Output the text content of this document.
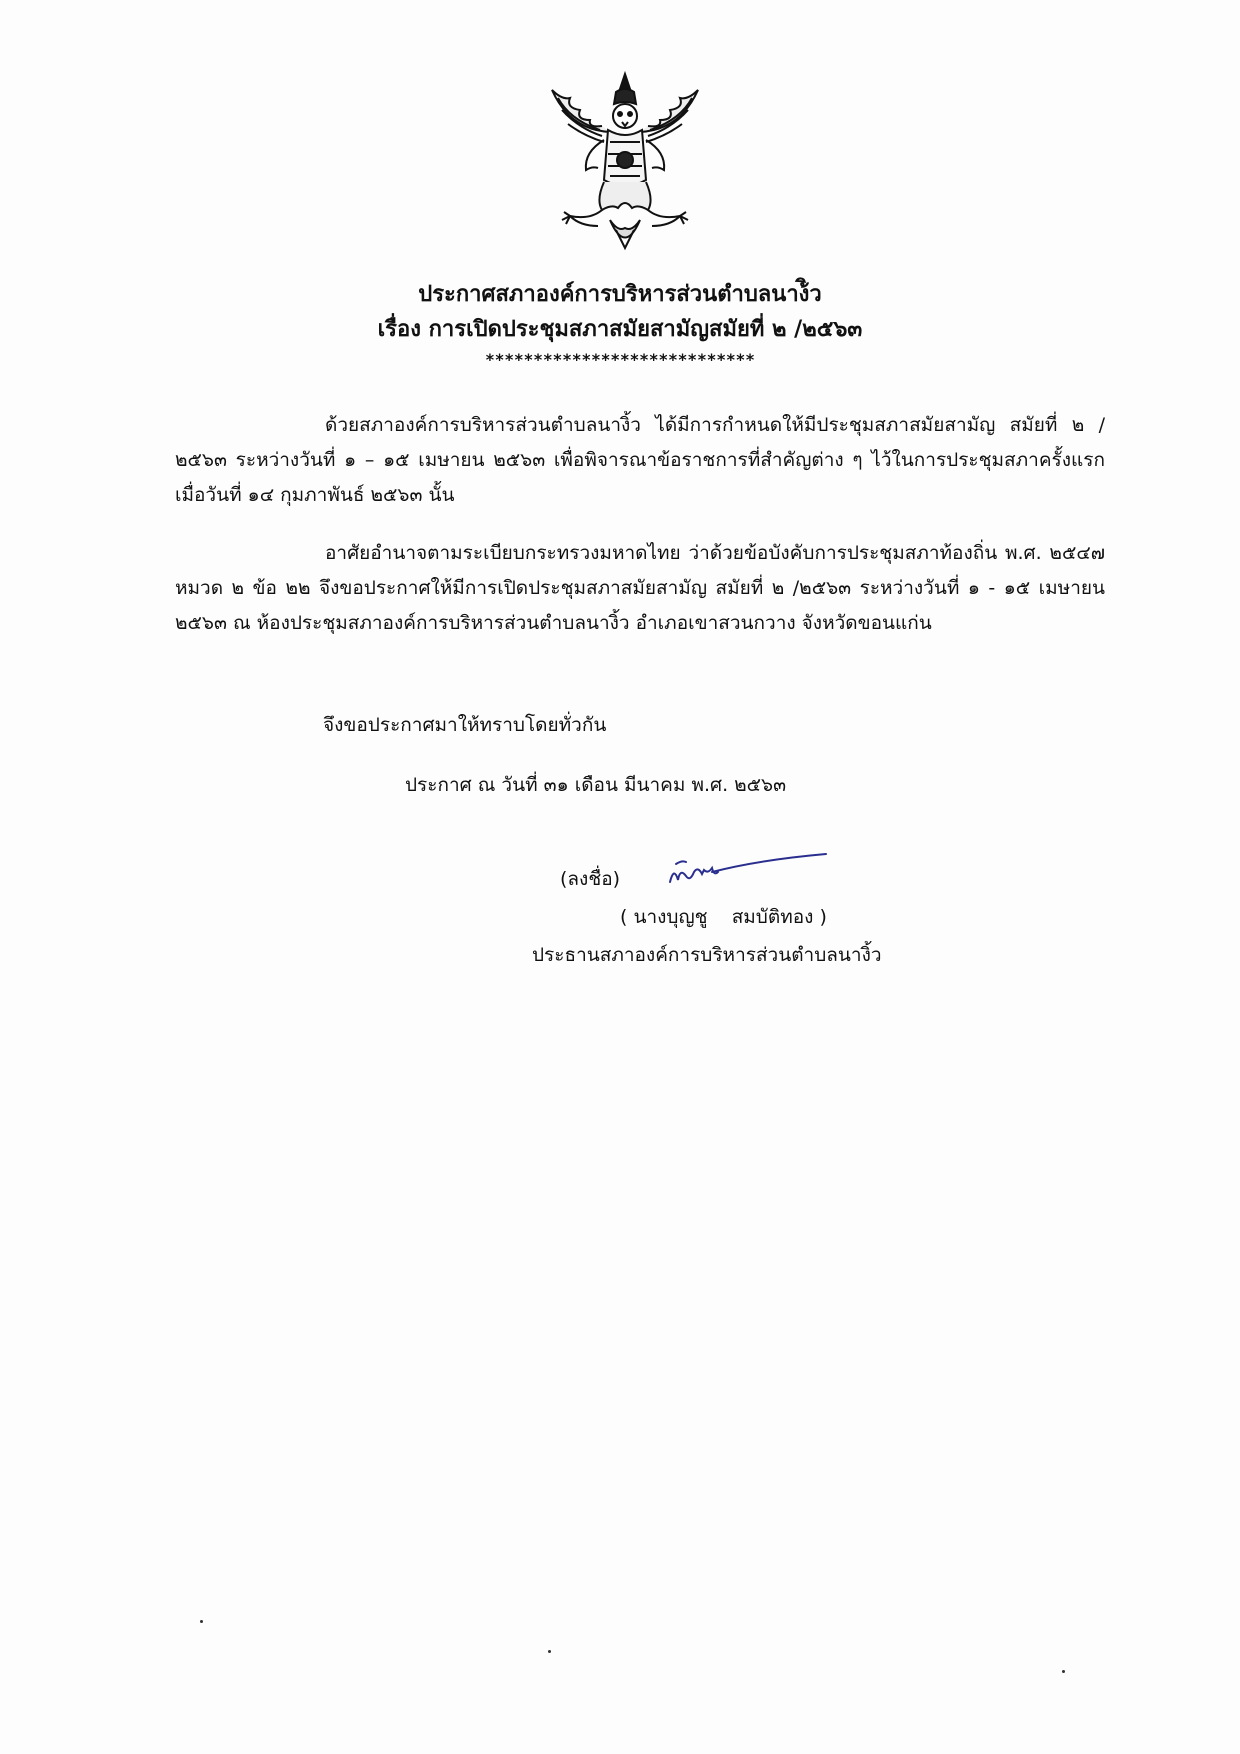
ประกาศสภาองค์การบริหารส่วนตำบลนาง้ิว
เรื่อง การเปิดประชุมสภาสมัยสามัญสมัยที่ ๒ /๒๕๖๓
****************************
ด้วยสภาองค์การบริหารส่วนตำบลนางิ้ว ได้มีการกำหนดให้มีประชุมสภาสมัยสามัญ สมัยที่ ๒ /๒๕๖๓ ระหว่างวันที่ ๑ – ๑๕ เมษายน ๒๕๖๓ เพื่อพิจารณาข้อราชการที่สำคัญต่าง ๆ ไว้ในการประชุมสภาครั้งแรก เมื่อวันที่ ๑๔ กุมภาพันธ์ ๒๕๖๓ นั้น
อาศัยอำนาจตามระเบียบกระทรวงมหาดไทย ว่าด้วยข้อบังคับการประชุมสภาท้องถิ่น พ.ศ. ๒๕๔๗ หมวด ๒ ข้อ ๒๒ จึงขอประกาศให้มีการเปิดประชุมสภาสมัยสามัญ สมัยที่ ๒ /๒๕๖๓ ระหว่างวันที่ ๑ - ๑๕ เมษายน ๒๕๖๓ ณ ห้องประชุมสภาองค์การบริหารส่วนตำบลนางิ้ว อำเภอเขาสวนกวาง จังหวัดขอนแก่น
จึงขอประกาศมาให้ทราบโดยทั่วกัน
ประกาศ ณ วันที่ ๓๑ เดือน มีนาคม พ.ศ. ๒๕๖๓
(ลงชื่อ)
( นางบุญชู    สมบัติทอง )
ประธานสภาองค์การบริหารส่วนตำบลนางิ้ว
